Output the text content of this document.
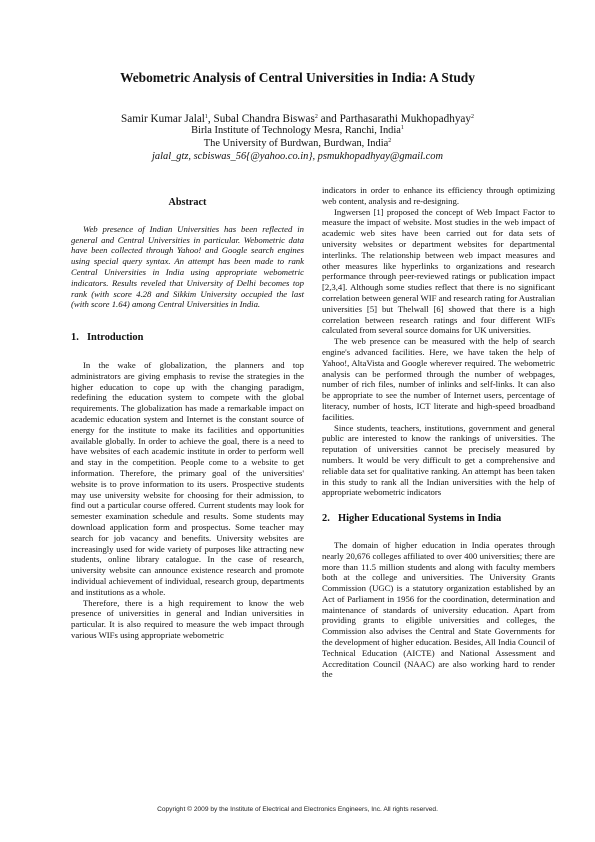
Webometric Analysis of Central Universities in India: A Study
Samir Kumar Jalal$^1$, Subal Chandra Biswas$^2$ and Parthasarathi Mukhopadhyay$^2$
Birla Institute of Technology Mesra, Ranchi, India$^1$
The University of Burdwan, Burdwan, India$^2$
jalal_gtz, scbiswas_56{@yahoo.co.in}, psmukhopadhyay@gmail.com
Abstract

Web presence of Indian Universities has been reflected in general and Central Universities in particular. Webometric data have been collected through Yahoo! and Google search engines using special query syntax. An attempt has been made to rank Central Universities in India using appropriate webometric indicators. Results reveled that University of Delhi becomes top rank (with score 4.28 and Sikkim University occupied the last (with score 1.64) among Central Universities in India.

1. Introduction

In the wake of globalization, the planners and top administrators are giving emphasis to revise the strategies in the higher education to cope up with the changing paradigm, redefining the education system to compete with the global requirements. The globalization has made a remarkable impact on academic education system and Internet is the constant source of energy for the institute to make its facilities and opportunities available globally. In order to achieve the goal, there is a need to have websites of each academic institute in order to perform well and stay in the competition. People come to a website to get information. Therefore, the primary goal of the universities' website is to prove information to its users. Prospective students may use university website for choosing for their admission, to find out a particular course offered. Current students may look for semester examination schedule and results. Some students may download application form and prospectus. Some teacher may search for job vacancy and benefits. University websites are increasingly used for wide variety of purposes like attracting new students, online library catalogue. In the case of research, university website can announce existence research and promote individual achievement of individual, research group, departments and institutions as a whole.

Therefore, there is a high requirement to know the web presence of universities in general and Indian universities in particular. It is also required to measure the web impact through various WIFs using appropriate webometric

indicators in order to enhance its efficiency through optimizing web content, analysis and re-designing.

Ingwersen [1] proposed the concept of Web Impact Factor to measure the impact of website. Most studies in the web impact of academic web sites have been carried out for data sets of university websites or department websites for departmental interlinks. The relationship between web impact measures and other measures like hyperlinks to organizations and research performance through peer-reviewed ratings or publication impact [2,3,4]. Although some studies reflect that there is no significant correlation between general WIF and research rating for Australian universities [5] but Thelwall [6] showed that there is a high correlation between research ratings and four different WIFs calculated from several source domains for UK universities.

The web presence can be measured with the help of search engine's advanced facilities. Here, we have taken the help of Yahoo!, AltaVista and Google wherever required. The webometric analysis can be performed through the number of webpages, number of rich files, number of inlinks and self-links. It can also be appropriate to see the number of Internet users, percentage of literacy, number of hosts, ICT literate and high-speed broadband facilities.

Since students, teachers, institutions, government and general public are interested to know the rankings of universities. The reputation of universities cannot be precisely measured by numbers. It would be very difficult to get a comprehensive and reliable data set for qualitative ranking. An attempt has been taken in this study to rank all the Indian universities with the help of appropriate webometric indicators

2. Higher Educational Systems in India

The domain of higher education in India operates through nearly 20,676 colleges affiliated to over 400 universities; there are more than 11.5 million students and along with faculty members both at the college and universities. The University Grants Commission (UGC) is a statutory organization established by an Act of Parliament in 1956 for the coordination, determination and maintenance of standards of university education. Apart from providing grants to eligible universities and colleges, the Commission also advises the Central and State Governments for the development of higher education. Besides, All India Council of Technical Education (AICTE) and National Assessment and Accreditation Council (NAAC) are also working hard to render the

Copyright © 2009 by the Institute of Electrical and Electronics Engineers, Inc. All rights reserved.
